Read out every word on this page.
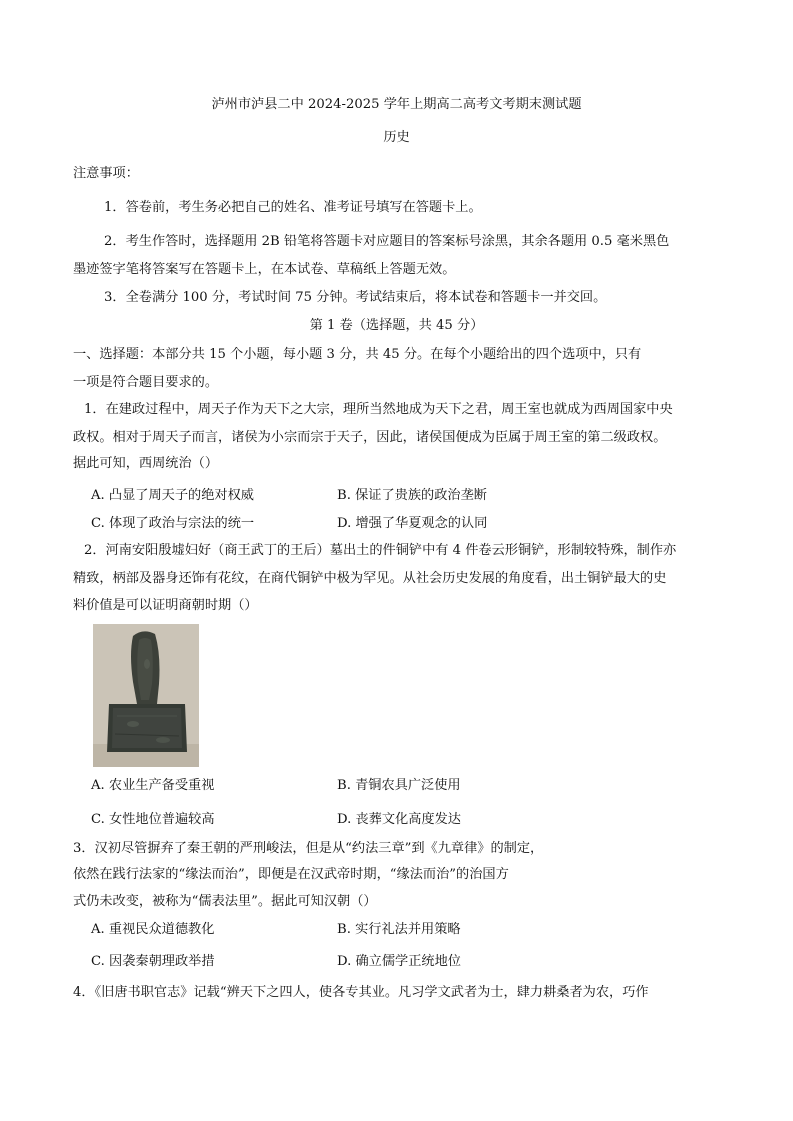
泸州市泸县二中 2024-2025 学年上期高二高考文考期末测试题
历史
注意事项：
1．答卷前，考生务必把自己的姓名、准考证号填写在答题卡上。
2．考生作答时，选择题用 2B 铅笔将答题卡对应题目的答案标号涂黑，其余各题用 0.5 毫米黑色
墨迹签字笔将答案写在答题卡上，在本试卷、草稿纸上答题无效。
3．全卷满分 100 分，考试时间 75 分钟。考试结束后，将本试卷和答题卡一并交回。
第 1 卷（选择题，共 45 分）
一、选择题：本部分共 15 个小题，每小题 3 分，共 45 分。在每个小题给出的四个选项中，只有
一项是符合题目要求的。
1．在建政过程中，周天子作为天下之大宗，理所当然地成为天下之君，周王室也就成为西周国家中央
政权。相对于周天子而言，诸侯为小宗而宗于天子，因此，诸侯国便成为臣属于周王室的第二级政权。
据此可知，西周统治（）
A. 凸显了周天子的绝对权威	B. 保证了贵族的政治垄断
C. 体现了政治与宗法的统一	D. 增强了华夏观念的认同
2．河南安阳殷墟妇好（商王武丁的王后）墓出土的件铜铲中有 4 件卷云形铜铲，形制较特殊，制作亦
精致，柄部及器身还饰有花纹，在商代铜铲中极为罕见。从社会历史发展的角度看，出土铜铲最大的史
料价值是可以证明商朝时期（）
A. 农业生产备受重视	B. 青铜农具广泛使用
C. 女性地位普遍较高	D. 丧葬文化高度发达
3．汉初尽管摒弃了秦王朝的严刑峻法，但是从“约法三章”到《九章律》的制定，
依然在践行法家的“缘法而治”，即便是在汉武帝时期，“缘法而治”的治国方
式仍未改变，被称为“儒表法里”。据此可知汉朝（）
A. 重视民众道德教化	B. 实行礼法并用策略
C. 因袭秦朝理政举措	D. 确立儒学正统地位
4．《旧唐书职官志》记载“辨天下之四人，使各专其业。凡习学文武者为士，肆力耕桑者为农，巧作
